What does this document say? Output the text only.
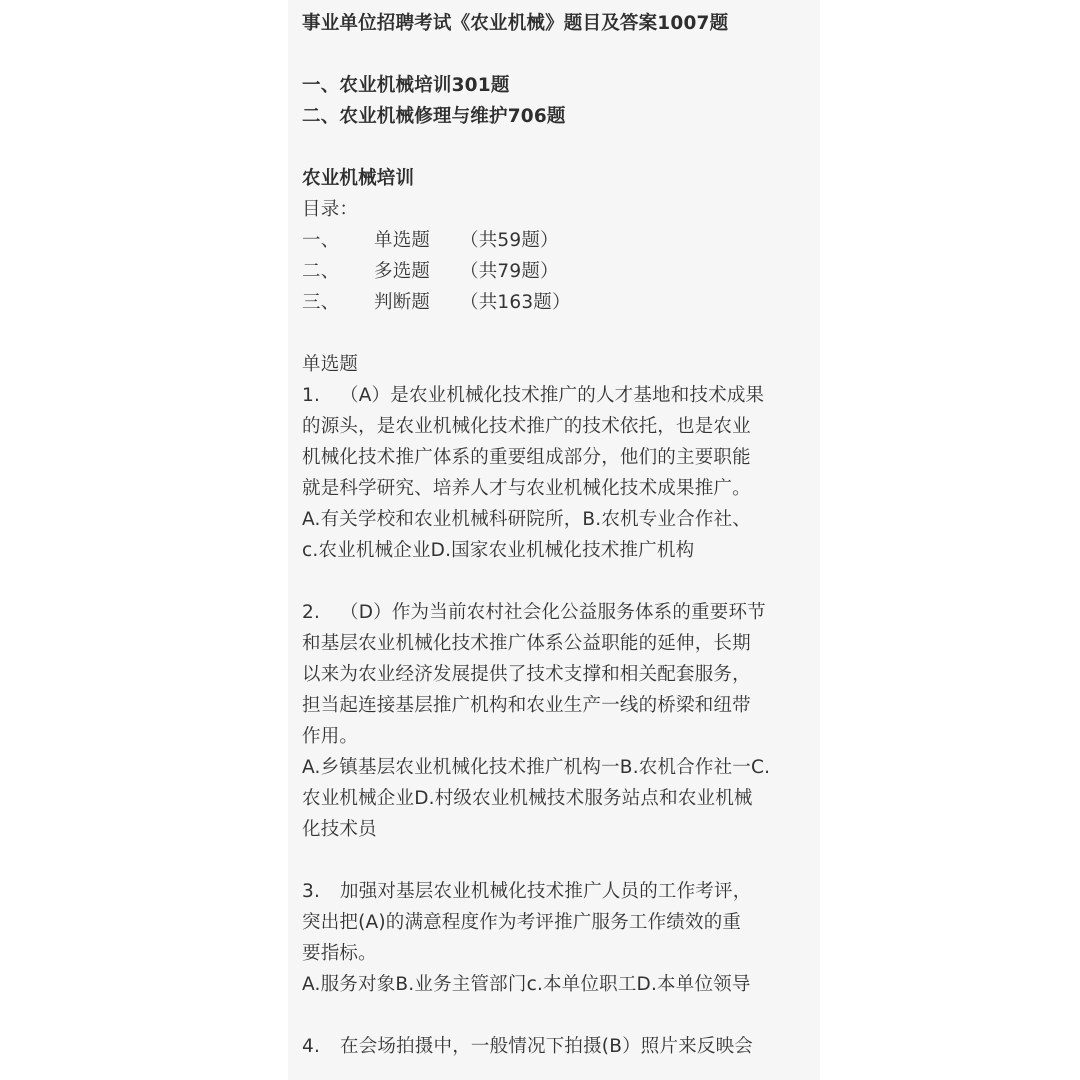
事业单位招聘考试《农业机械》题目及答案1007题
一、农业机械培训301题
二、农业机械修理与维护706题
农业机械培训
目录：
一、	单选题	（共59题）
二、	多选题	（共79题）
三、	判断题	（共163题）
单选题
1. （A）是农业机械化技术推广的人才基地和技术成果
的源头，是农业机械化技术推广的技术依托，也是农业
机械化技术推广体系的重要组成部分，他们的主要职能
就是科学研究、培养人才与农业机械化技术成果推广。
A.有关学校和农业机械科研院所，B.农机专业合作社、
c.农业机械企业D.国家农业机械化技术推广机构
2. （D）作为当前农村社会化公益服务体系的重要环节
和基层农业机械化技术推广体系公益职能的延伸，长期
以来为农业经济发展提供了技术支撑和相关配套服务，
担当起连接基层推广机构和农业生产一线的桥梁和纽带
作用。
A.乡镇基层农业机械化技术推广机构一B.农机合作社一C.
农业机械企业D.村级农业机械技术服务站点和农业机械
化技术员
3. 加强对基层农业机械化技术推广人员的工作考评，
突出把(A)的满意程度作为考评推广服务工作绩效的重
要指标。
A.服务对象B.业务主管部门c.本单位职工D.本单位领导
4. 在会场拍摄中，一般情况下拍摄(B）照片来反映会
